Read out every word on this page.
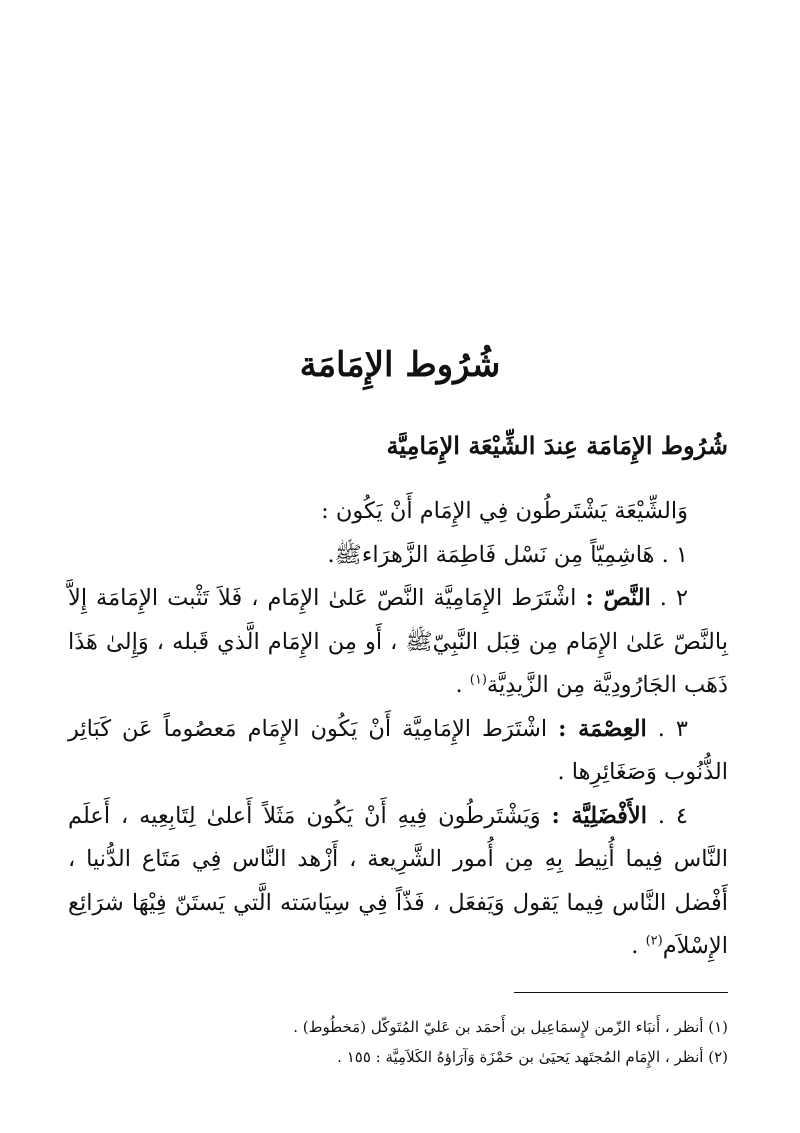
شُرُوط الإِمَامَة
شُرُوط الإِمَامَة عِندَ الشِّيْعَة الإِمَامِيَّة

وَالشِّيْعَة يَشْتَرطُون فِي الإِمَام أَنْ يَكُون :

١ . هَاشِمِيّاً مِن نَسْل فَاطِمَة الزَّهرَاءﷺ.

٢ . النَّصّ : اشْتَرَط الإِمَامِيَّة النَّصّ عَلىٰ الإِمَام ، فَلاَ تَثْبت الإِمَامَة إِلاَّ بِالنَّصّ عَلىٰ الإِمَام مِن قِبَل النَّبِيّﷺ ، أَو مِن الإِمَام الَّذي قَبله ، وَإِلىٰ هَذَا ذَهَب الجَارُودِيَّة مِن الزَّيدِيَّة$^{(١)}$ .

٣ . العِصْمَة : اشْتَرَط الإِمَامِيَّة أَنْ يَكُون الإِمَام مَعصُوماً عَن كَبَائِر الذُّنُوب وَصَغَائِرِها .

٤ . الأَفْضَلِيَّة : وَيَشْتَرطُون فِيهِ أَنْ يَكُون مَثَلاً أَعلىٰ لِتَابِعِيه ، أَعلَم النَّاس فِيما أُنِيط بِهِ مِن أُمور الشَّرِيعة ، أَزْهد النَّاس فِي مَتَاع الدُّنيا ، أَفْضل النَّاس فِيما يَقول وَيَفعَل ، فَذّاً فِي سِيَاسَته الَّتي يَستَنّ فِيْهَا شرَائِع الإِسْلاَم$^{(٢)}$ .

(١) أنظر ، أَنبَاء الزّمن لإِسمَاعِيل بن أَحمَد بن عَليّ المُتَوكّل (مَخطُوط) .

(٢) أنظر ، الإِمَام المُجتَهد يَحيَىٰ بن حَمْزَة وَآرَاؤهُ الكَلاَمِيَّة : ١٥٥ .
